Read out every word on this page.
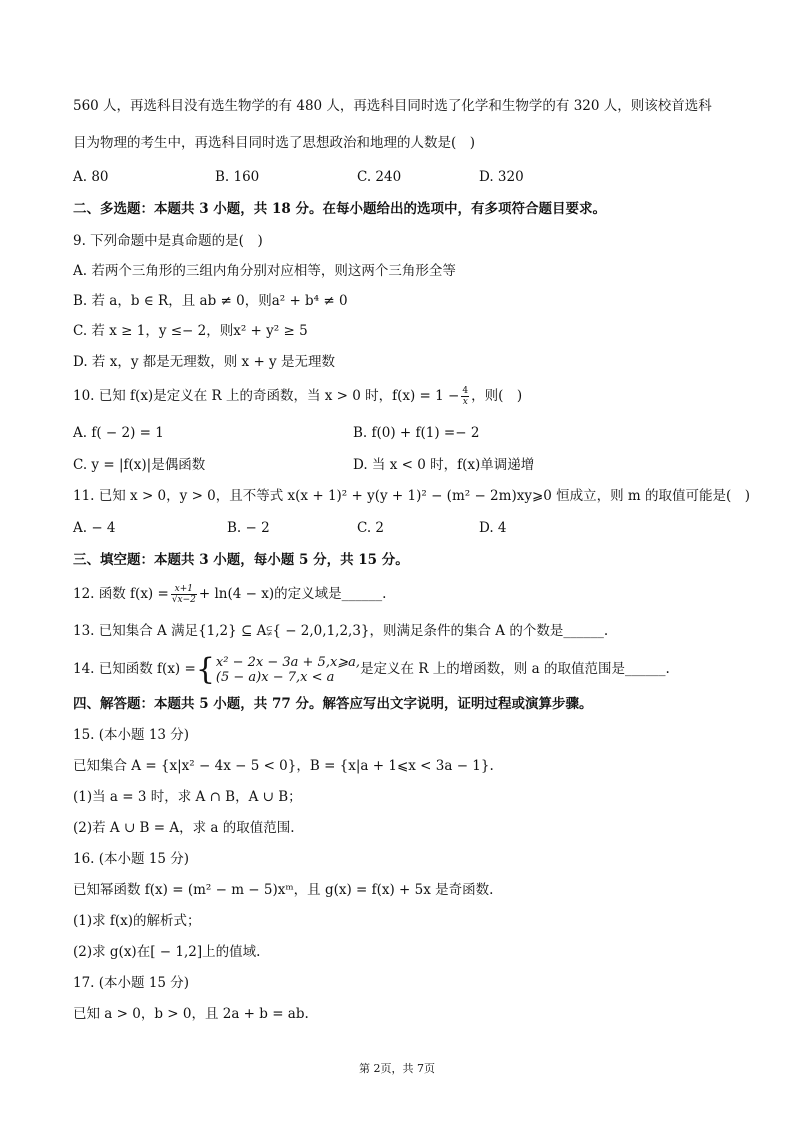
560 人，再选科目没有选生物学的有 480 人，再选科目同时选了化学和生物学的有 320 人，则该校首选科
目为物理的考生中，再选科目同时选了思想政治和地理的人数是(　)
A. 80	B. 160	C. 240	D. 320
二、多选题：本题共 3 小题，共 18 分。在每小题给出的选项中，有多项符合题目要求。
9. 下列命题中是真命题的是(　)
A. 若两个三角形的三组内角分别对应相等，则这两个三角形全等
B. 若 a，b ∈ R，且 ab ≠ 0，则a² + b⁴ ≠ 0
C. 若 x ≥ 1，y ≤− 2，则x² + y² ≥ 5
D. 若 x，y 都是无理数，则 x + y 是无理数
10. 已知 f(x)是定义在 R 上的奇函数，当 x > 0 时，$f(x) = 1 - \frac{4}{x}$ ，则(　)
A. f( − 2) = 1	B. f(0) + f(1) =− 2
C. y = |f(x)|是偶函数	D. 当 x < 0 时，f(x)单调递增
11. 已知 x > 0，y > 0，且不等式 x(x + 1)² + y(y + 1)² − (m² − 2m)xy⩾0 恒成立，则 m 的取值可能是(　)
A. − 4	B. − 2	C. 2	D. 4
三、填空题：本题共 3 小题，每小题 5 分，共 15 分。
12. 函数 $f(x) = \frac{x+1}{√x-2} + \ln(4 - x)$的定义域是______.
13. 已知集合 A 满足{1,2} ⊆ A⫋{ − 2,0,1,2,3}，则满足条件的集合 A 的个数是______.
14. 已知函数 f(x) ={ x² − 2x − 3a + 5,x⩾a,
(5 − a)x − 7,x < a	是定义在 R 上的增函数，则 a 的取值范围是______.
四、解答题：本题共 5 小题，共 77 分。解答应写出文字说明，证明过程或演算步骤。
15. (本小题 13 分)
已知集合 A = {x|x² − 4x − 5 < 0}，B = {x|a + 1⩽x < 3a − 1}.
(1)当 a = 3 时，求 A ∩ B，A ∪ B；
(2)若 A ∪ B = A，求 a 的取值范围.
16. (本小题 15 分)
已知幂函数 f(x) = (m² − m − 5)xᵐ，且 g(x) = f(x) + 5x 是奇函数.
(1)求 f(x)的解析式；
(2)求 g(x)在[ − 1,2]上的值域.
17. (本小题 15 分)
已知 a > 0，b > 0，且 2a + b = ab.
第 2页，共 7页
